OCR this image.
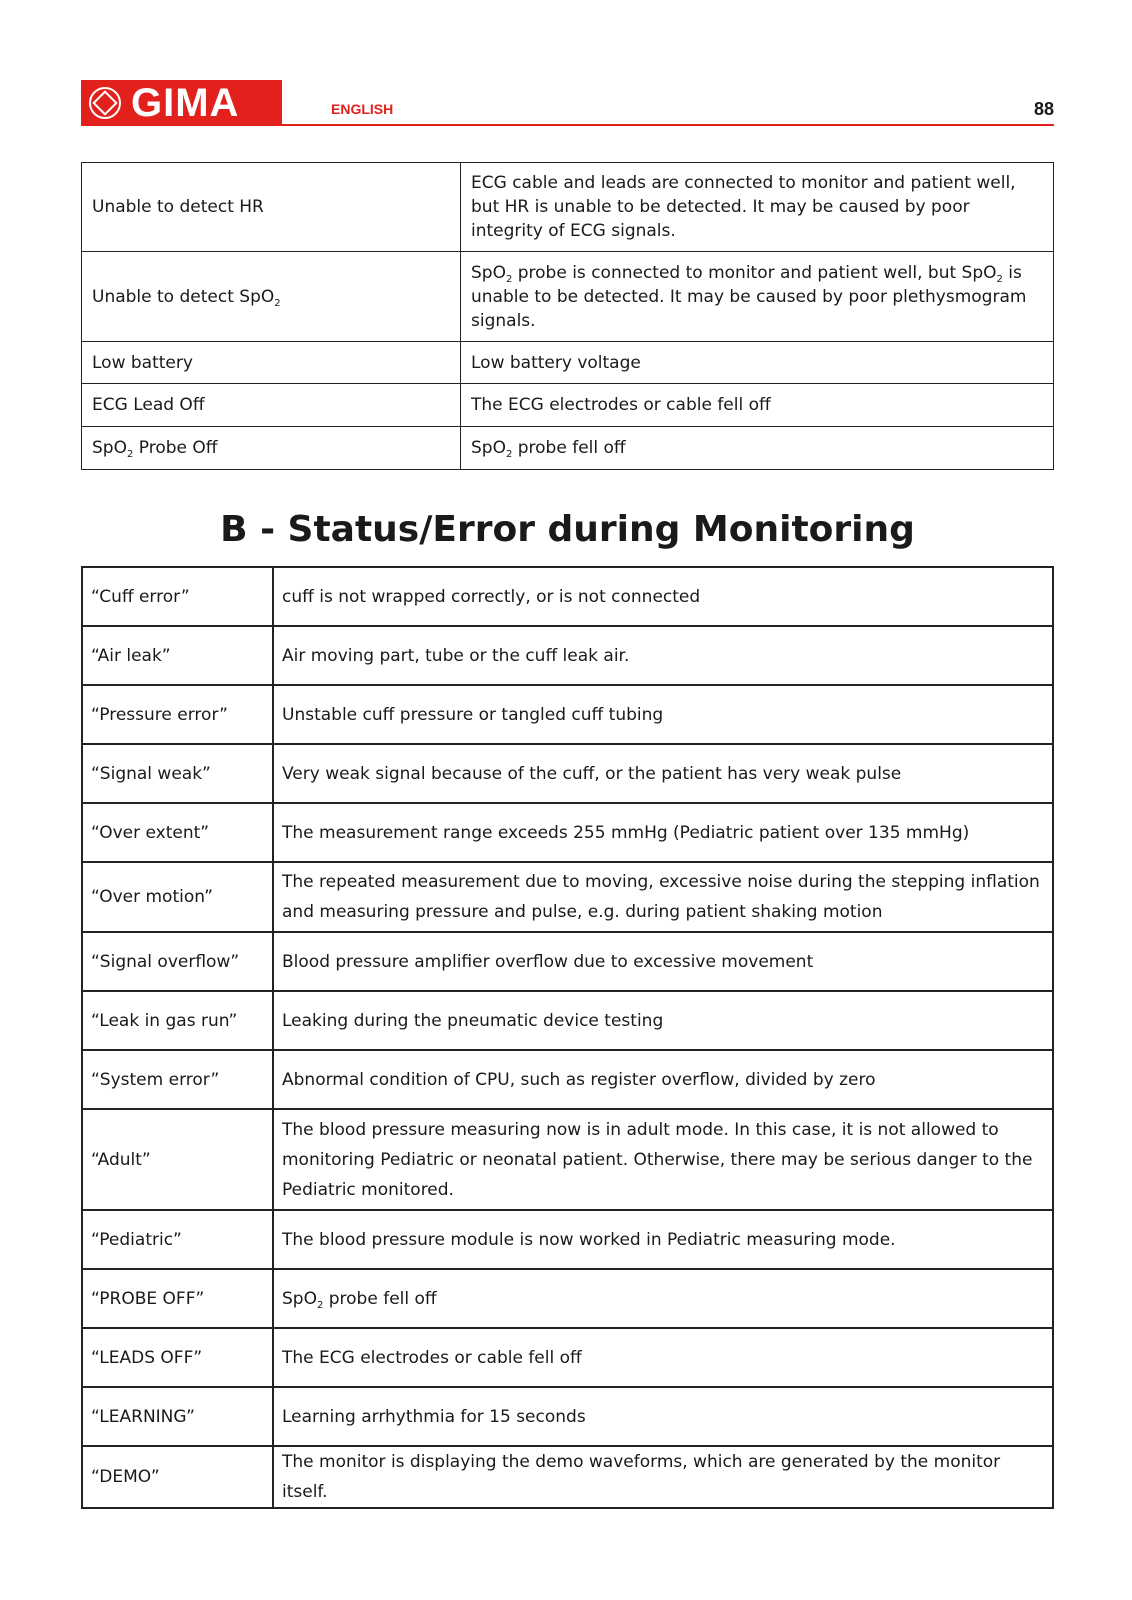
GIMA	ENGLISH	88
Unable to detect HR	ECG cable and leads are connected to monitor and patient well, but HR is unable to be detected. It may be caused by poor integrity of ECG signals.
Unable to detect SpO$_2$	SpO$_2$ probe is connected to monitor and patient well, but SpO$_2$ is unable to be detected. It may be caused by poor plethysmogram signals.
Low battery	Low battery voltage
ECG Lead Off	The ECG electrodes or cable fell off
SpO$_2$ Probe Off	SpO$_2$ probe fell off
B - Status/Error during Monitoring
“Cuff error”	cuff is not wrapped correctly, or is not connected
“Air leak”	Air moving part, tube or the cuff leak air.
“Pressure error”	Unstable cuff pressure or tangled cuff tubing
“Signal weak”	Very weak signal because of the cuff, or the patient has very weak pulse
“Over extent”	The measurement range exceeds 255 mmHg (Pediatric patient over 135 mmHg)
“Over motion”	The repeated measurement due to moving, excessive noise during the stepping inflation and measuring pressure and pulse, e.g. during patient shaking motion
“Signal overflow”	Blood pressure amplifier overflow due to excessive movement
“Leak in gas run”	Leaking during the pneumatic device testing
“System error”	Abnormal condition of CPU, such as register overflow, divided by zero
“Adult”	The blood pressure measuring now is in adult mode. In this case, it is not allowed to monitoring Pediatric or neonatal patient. Otherwise, there may be serious danger to the Pediatric monitored.
“Pediatric”	The blood pressure module is now worked in Pediatric measuring mode.
“PROBE OFF”	SpO$_2$ probe fell off
“LEADS OFF”	The ECG electrodes or cable fell off
“LEARNING”	Learning arrhythmia for 15 seconds
“DEMO”	The monitor is displaying the demo waveforms, which are generated by the monitor itself.
